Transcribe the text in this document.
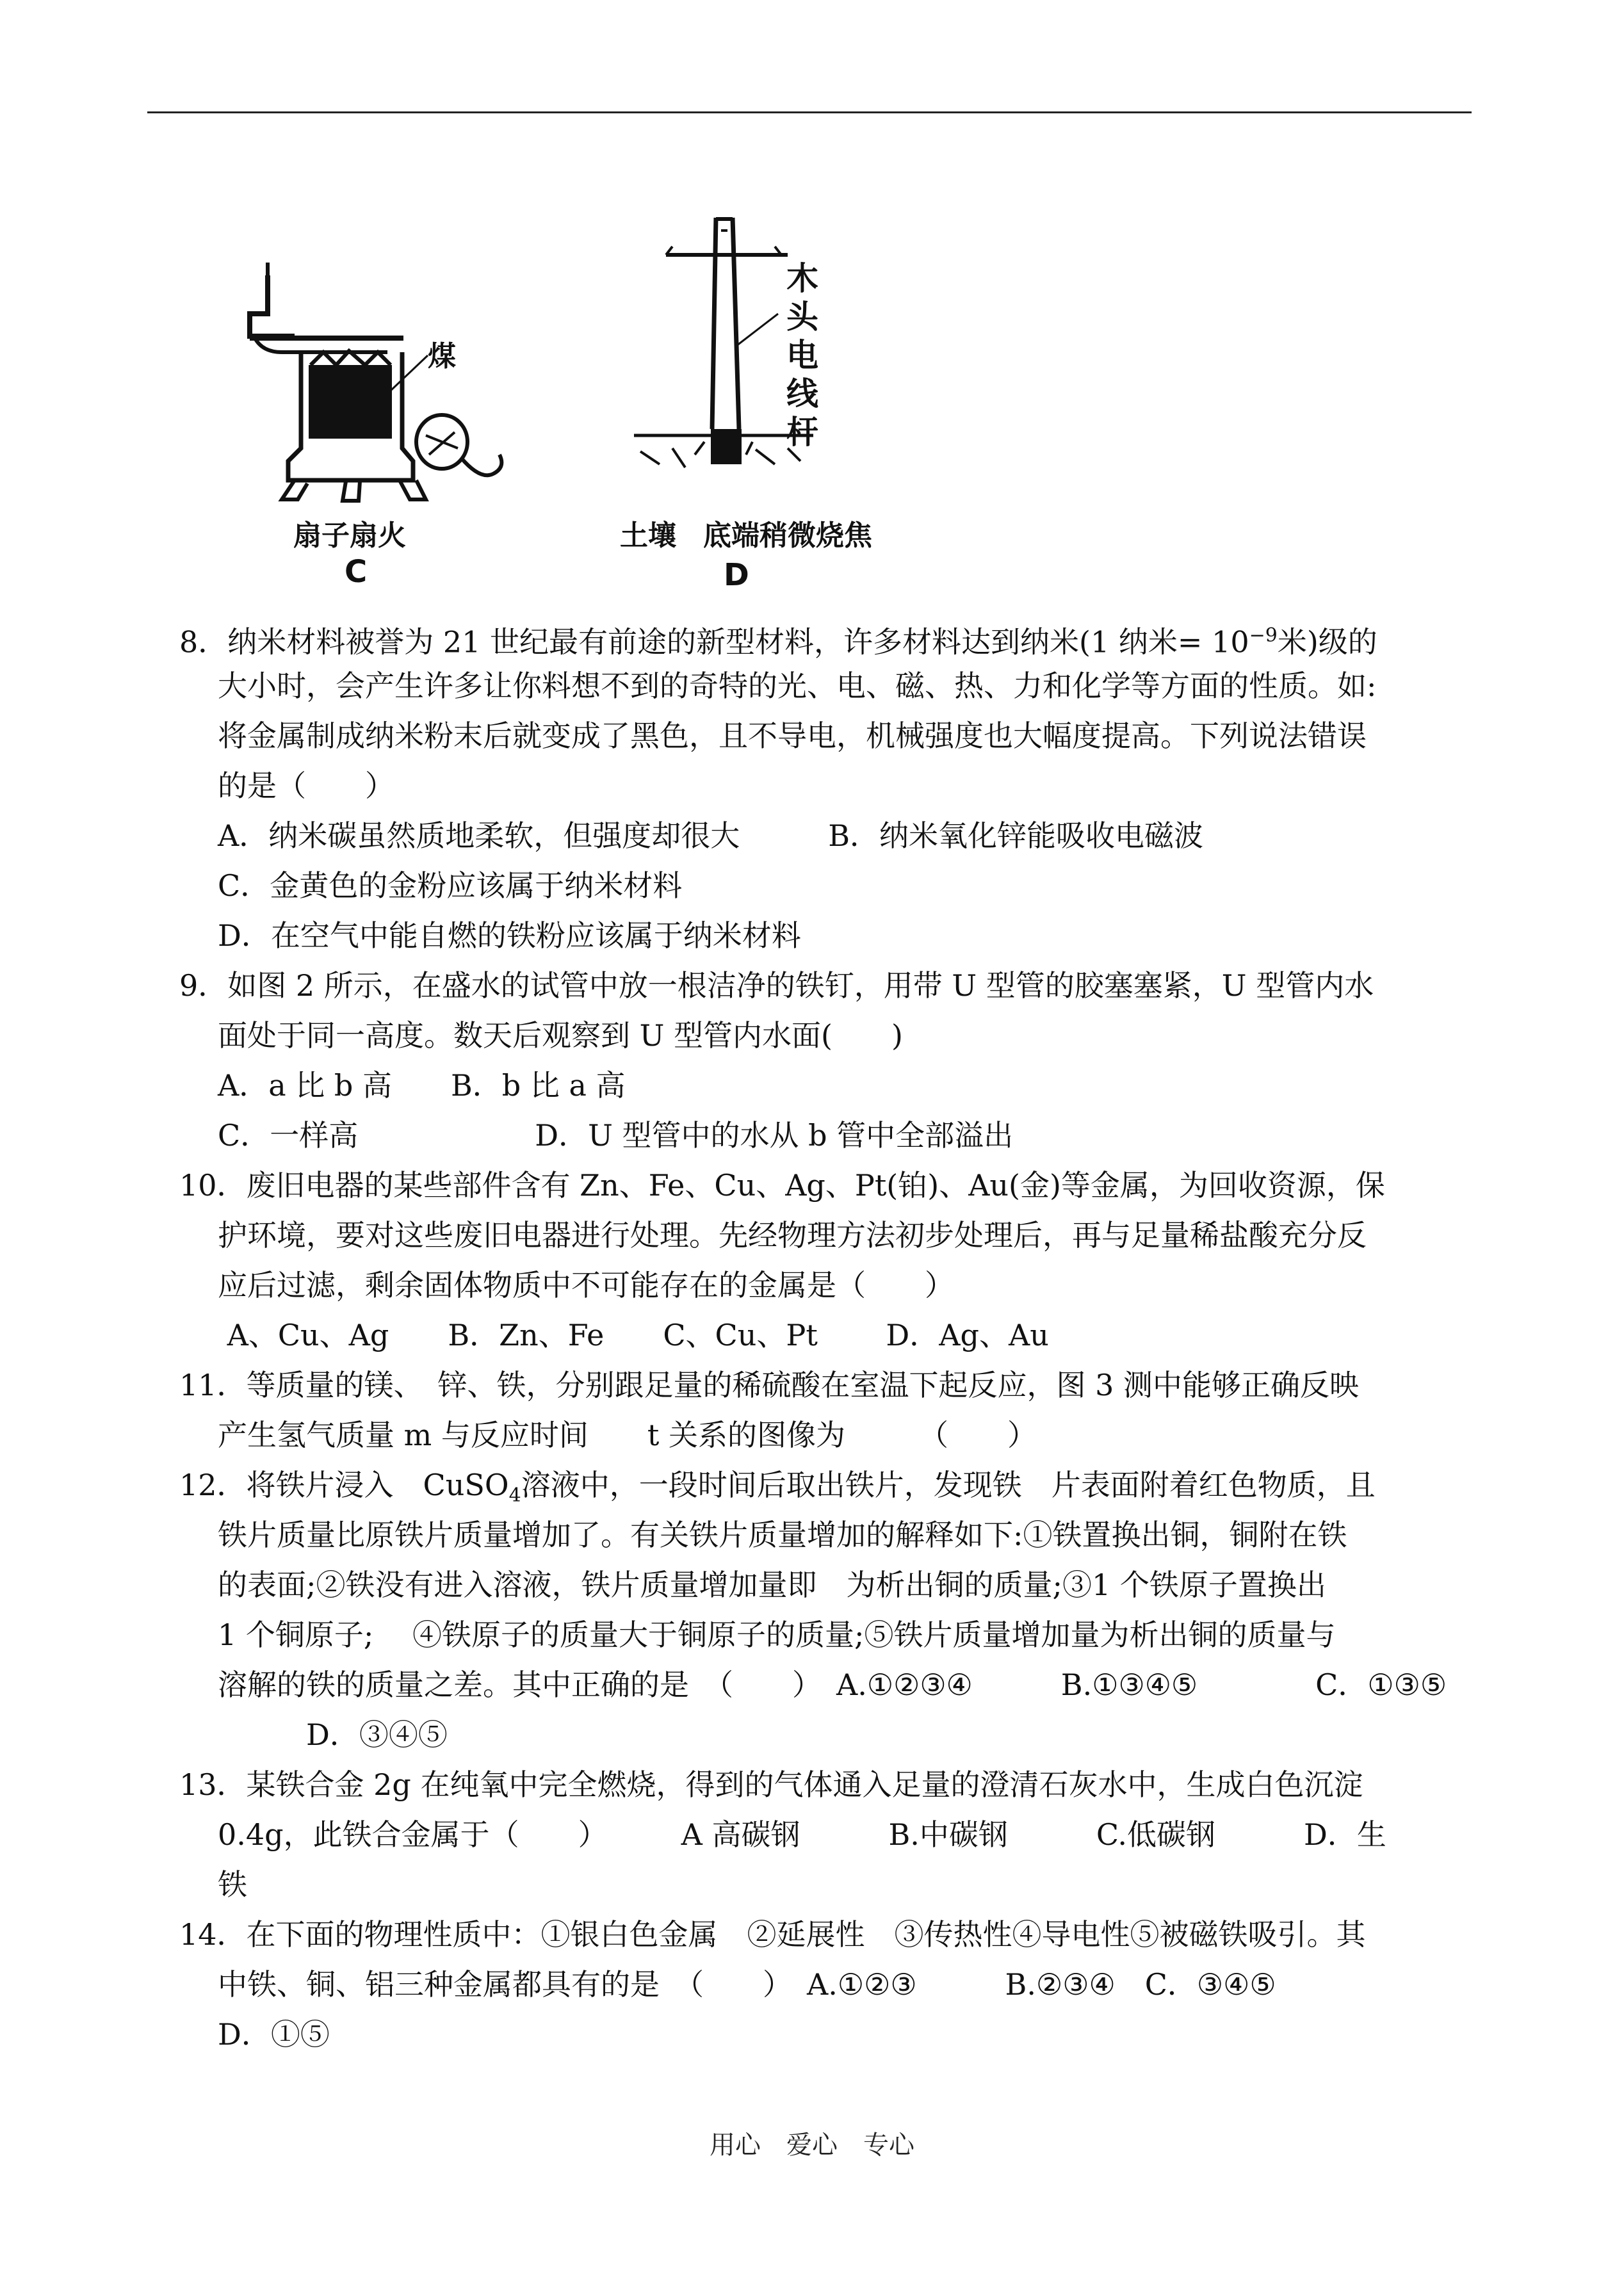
煤
扇子扇火
C
木头电线杆
土壤 底端稍微烧焦
D
8．纳米材料被誉为 21 世纪最有前途的新型材料，许多材料达到纳米(1 纳米= $10^{-9}$米)级的
大小时，会产生许多让你料想不到的奇特的光、电、磁、热、力和化学等方面的性质。如:
将金属制成纳米粉末后就变成了黑色，且不导电，机械强度也大幅度提高。下列说法错误
的是（　　）
A．纳米碳虽然质地柔软，但强度却很大　　　B．纳米氧化锌能吸收电磁波
C．金黄色的金粉应该属于纳米材料
D．在空气中能自燃的铁粉应该属于纳米材料
9．如图 2 所示，在盛水的试管中放一根洁净的铁钉，用带 U 型管的胶塞塞紧，U 型管内水
面处于同一高度。数天后观察到 U 型管内水面(　　)
A．a 比 b 高　　B．b 比 a 高
C．一样高　　　　　　D．U 型管中的水从 b 管中全部溢出
10．废旧电器的某些部件含有 Zn、Fe、Cu、Ag、Pt(铂)、Au(金)等金属，为回收资源，保
护环境，要对这些废旧电器进行处理。先经物理方法初步处理后，再与足量稀盐酸充分反
应后过滤，剩余固体物质中不可能存在的金属是（　　）
A、Cu、Ag　　B．Zn、Fe　　C、Cu、Pt　　 D．Ag、Au
11．等质量的镁、　锌、铁，分别跟足量的稀硫酸在室温下起反应，图 3 测中能够正确反映
产生氢气质量 m 与反应时间　　t 关系的图像为　　　（　　）
12．将铁片浸入　CuSO$_4$溶液中，一段时间后取出铁片，发现铁　片表面附着红色物质，且
铁片质量比原铁片质量增加了。有关铁片质量增加的解释如下:①铁置换出铜，铜附在铁
的表面;②铁没有进入溶液，铁片质量增加量即　为析出铜的质量;③1 个铁原子置换出
1 个铜原子;　 ④铁原子的质量大于铜原子的质量;⑤铁片质量增加量为析出铜的质量与
溶解的铁的质量之差。其中正确的是　（　　）　A.①②③④　　　B.①③④⑤　　　　C．①③⑤
　　　D．③④⑤
13．某铁合金 2g 在纯氧中完全燃烧，得到的气体通入足量的澄清石灰水中，生成白色沉淀
0.4g，此铁合金属于（　　）　　　A 高碳钢　　　B.中碳钢　　　C.低碳钢　　　D．生
铁
14．在下面的物理性质中：①银白色金属　②延展性　③传热性④导电性⑤被磁铁吸引。其
中铁、铜、铝三种金属都具有的是　（　　）　A.①②③　　　B.②③④　C．③④⑤
D．①⑤
用心　爱心　专心
